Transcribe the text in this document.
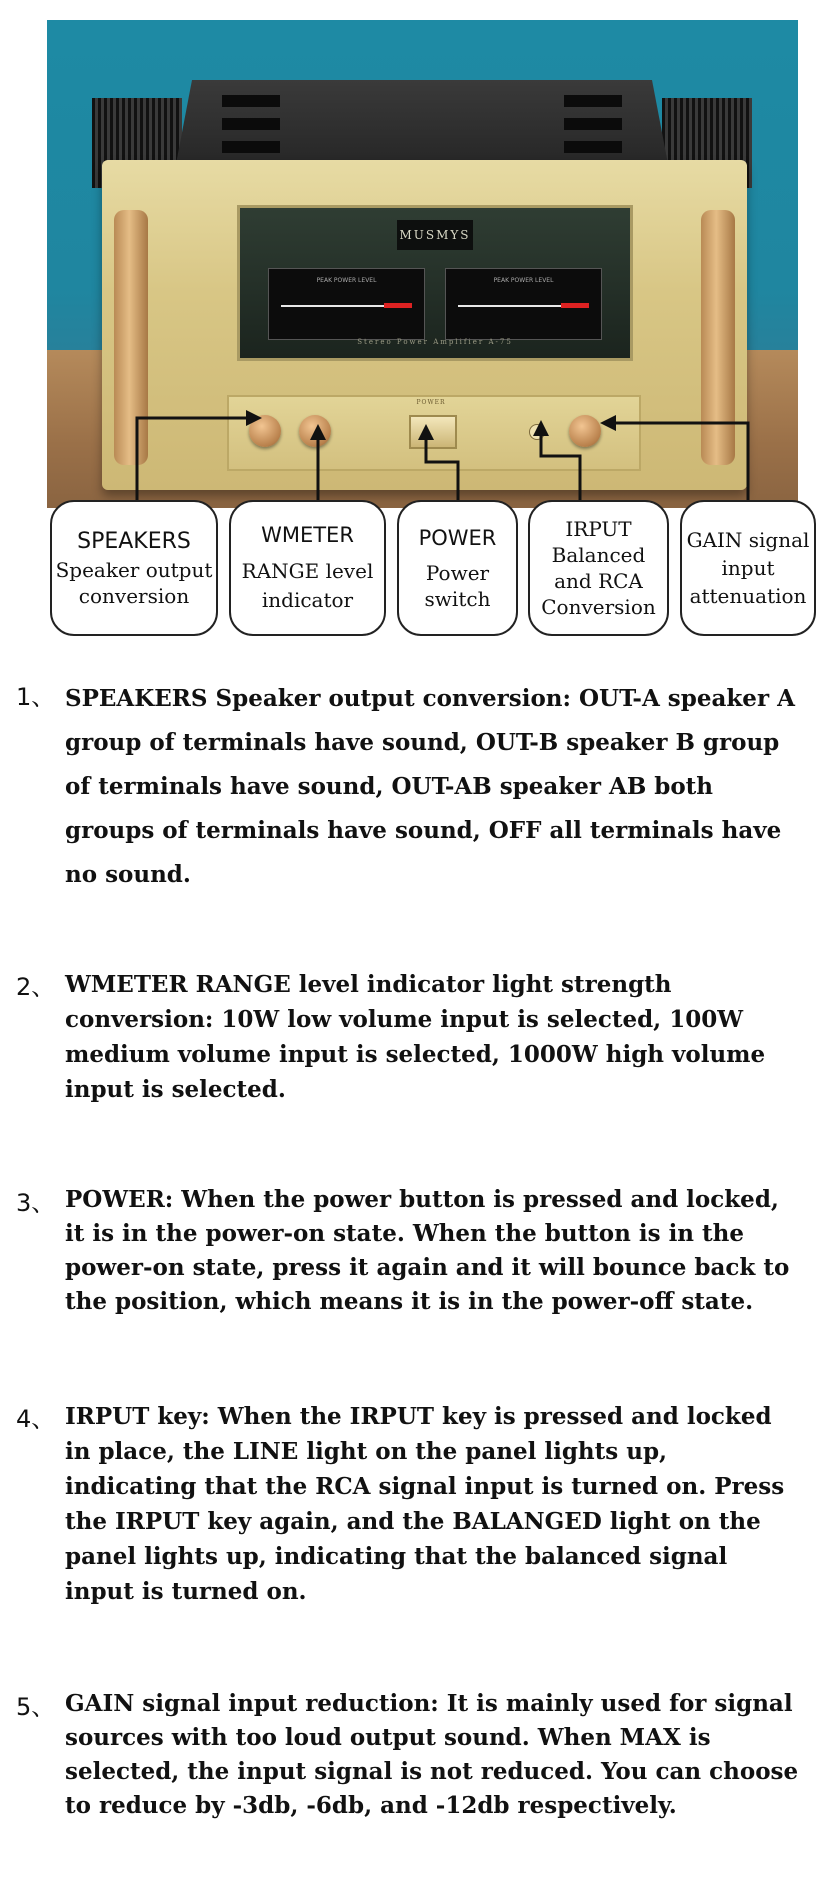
MUSMYS
PEAK POWER LEVEL	PEAK POWER LEVEL
Stereo Power Amplifier A-75
POWER
SPEAKERS
Speaker output conversion
WMETER
RANGE level indicator
POWER
Power switch
IRPUT
Balanced and RCA Conversion
GAIN signal input attenuation
1、 SPEAKERS Speaker output conversion: OUT-A speaker A group of terminals have sound, OUT-B speaker B group of terminals have sound, OUT-AB speaker AB both groups of terminals have sound, OFF all terminals have no sound.
2、 WMETER RANGE level indicator light strength conversion: 10W low volume input is selected, 100W medium volume input is selected, 1000W high volume input is selected.
3、 POWER: When the power button is pressed and locked, it is in the power-on state. When the button is in the power-on state, press it again and it will bounce back to the position, which means it is in the power-off state.
4、 IRPUT key: When the IRPUT key is pressed and locked in place, the LINE light on the panel lights up, indicating that the RCA signal input is turned on. Press the IRPUT key again, and the BALANGED light on the panel lights up, indicating that the balanced signal input is turned on.
5、 GAIN signal input reduction: It is mainly used for signal sources with too loud output sound. When MAX is selected, the input signal is not reduced. You can choose to reduce by -3db, -6db, and -12db respectively.
